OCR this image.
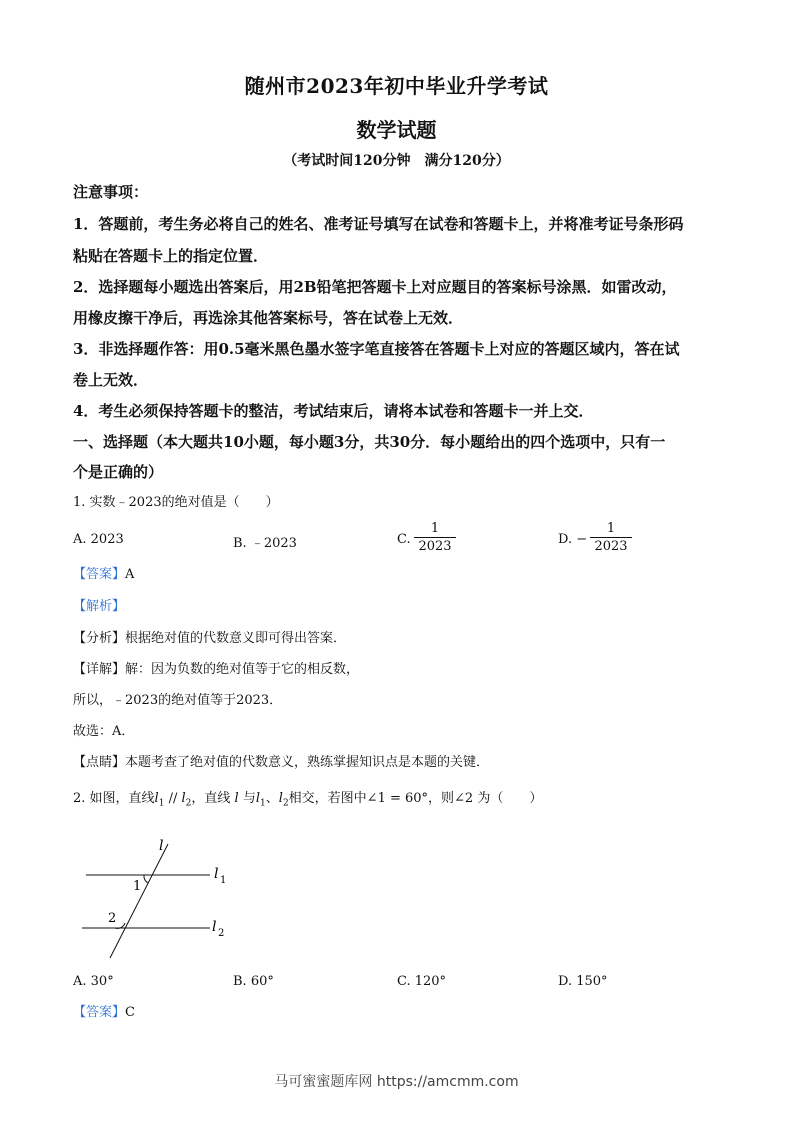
随州市2023年初中毕业升学考试
数学试题
（考试时间120分钟　满分120分）
注意事项：
1．答题前，考生务必将自己的姓名、准考证号填写在试卷和答题卡上，并将准考证号条形码
粘贴在答题卡上的指定位置．
2．选择题每小题选出答案后，用2B铅笔把答题卡上对应题目的答案标号涂黑．如雷改动，
用橡皮擦干净后，再选涂其他答案标号，答在试卷上无效．
3．非选择题作答：用0.5毫米黑色墨水签字笔直接答在答题卡上对应的答题区域内，答在试
卷上无效．
4．考生必须保持答题卡的整洁，考试结束后，请将本试卷和答题卡一并上交．
一、选择题（本大题共10小题，每小题3分，共30分．每小题给出的四个选项中，只有一
个是正确的）
1. 实数﹣2023的绝对值是（　　）
A. 2023	B. ﹣2023	C. $\frac{1}{2023}$	D. − $\frac{1}{2023}$
【答案】A
【解析】
【分析】根据绝对值的代数意义即可得出答案．
【详解】解：因为负数的绝对值等于它的相反数，
所以，﹣2023的绝对值等于2023．
故选：A．
【点睛】本题考查了绝对值的代数意义，熟练掌握知识点是本题的关键．
2. 如图，直线$l_1 // l_2$，直线 l 与$l_1$、$l_2$相交，若图中∠1 = 60°，则∠2 为（　　）
l
l 1
l 2
1
2
A. 30°	B. 60°	C. 120°	D. 150°
【答案】C
马可蜜蜜题库网 https://amcmm.com
